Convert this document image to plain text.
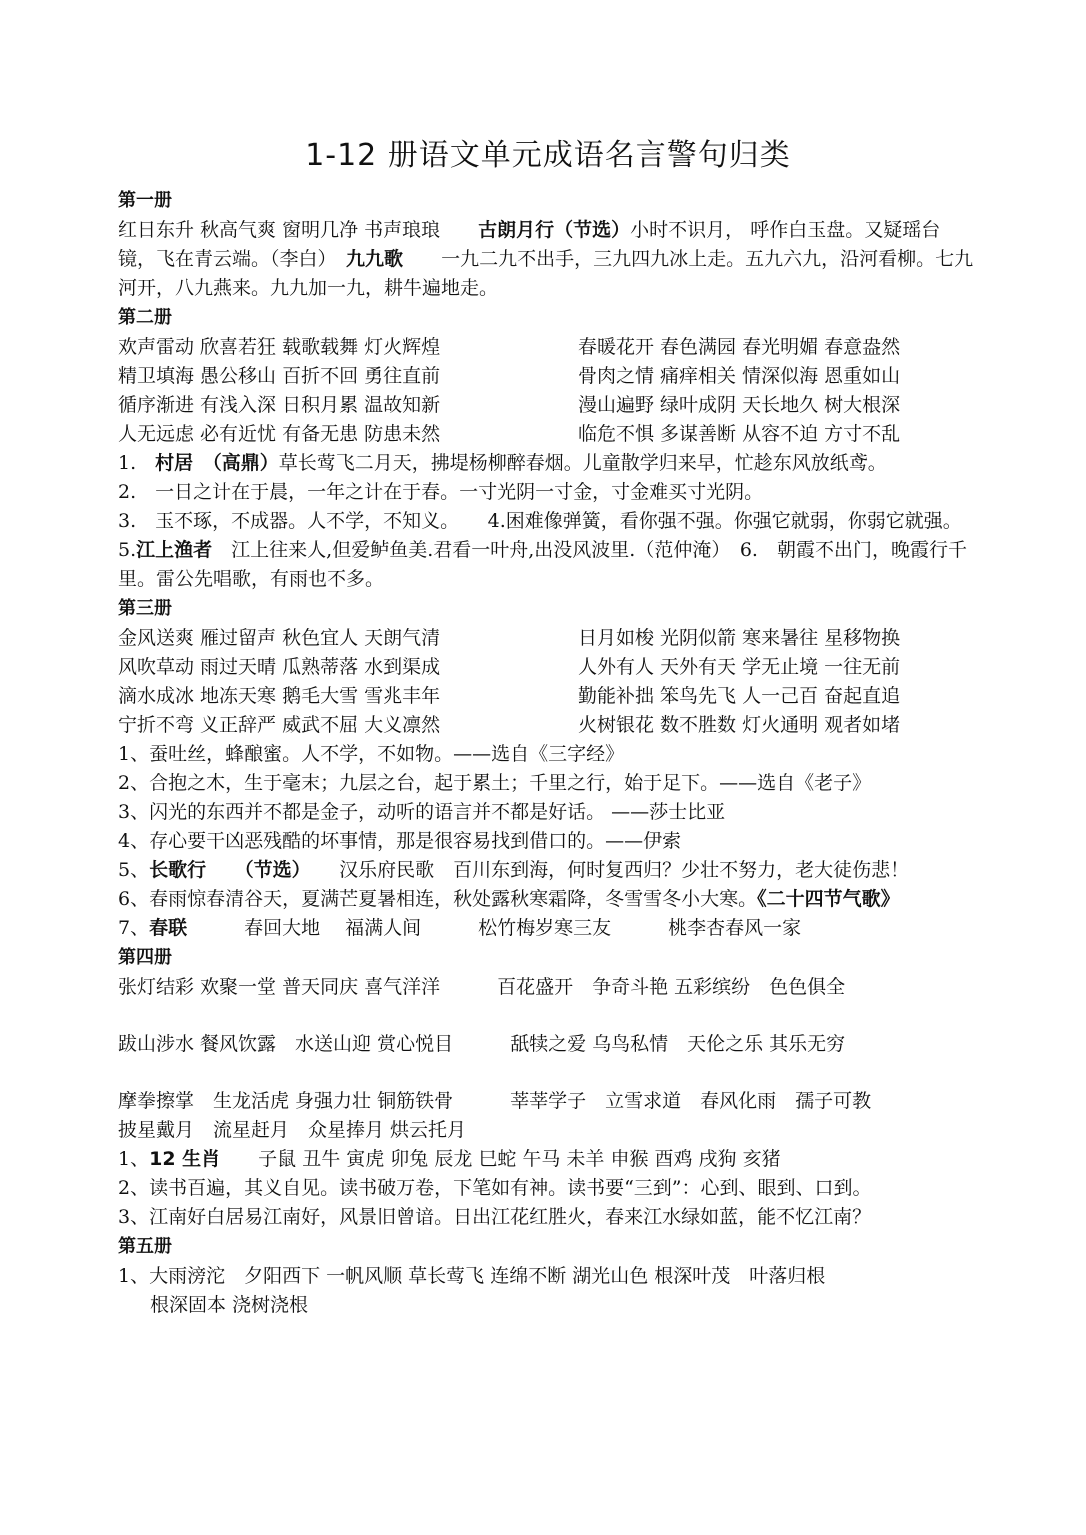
1-12 册语文单元成语名言警句归类
第一册

红日东升 秋高气爽 窗明几净 书声琅琅　　 古朗月行（节选）小时不识月， 呼作白玉盘。又疑瑶台镜，飞在青云端。（李白）　 九九歌　　 一九二九不出手，三九四九冰上走。五九六九，沿河看柳。七九河开，八九燕来。九九加一九，耕牛遍地走。

第二册
欢声雷动 欣喜若狂 载歌载舞 灯火辉煌	春暖花开 春色满园 春光明媚 春意盎然
精卫填海 愚公移山 百折不回 勇往直前	骨肉之情 痛痒相关 情深似海 恩重如山
循序渐进 有浅入深 日积月累 温故知新	漫山遍野 绿叶成阴 天长地久 树大根深
人无远虑 必有近忧 有备无患 防患未然	临危不惧 多谋善断 从容不迫 方寸不乱

1.　 村居　 （高鼎）草长莺飞二月天，拂堤杨柳醉春烟。儿童散学归来早，忙趁东风放纸鸢。

2.　一日之计在于晨，一年之计在于春。一寸光阴一寸金，寸金难买寸光阴。

3.　玉不琢，不成器。人不学，不知义。　　4.困难像弹簧，看你强不强。你强它就弱，你弱它就强。　　5.江上渔者　江上往来人,但爱鲈鱼美.君看一叶舟,出没风波里.（范仲淹）　6.　朝霞不出门，晚霞行千里。雷公先唱歌，有雨也不多。

第三册
金风送爽 雁过留声 秋色宜人 天朗气清	日月如梭 光阴似箭 寒来暑往 星移物换
风吹草动 雨过天晴 瓜熟蒂落 水到渠成	人外有人 天外有天 学无止境 一往无前
滴水成冰 地冻天寒 鹅毛大雪 雪兆丰年	勤能补拙 笨鸟先飞 人一己百 奋起直追
宁折不弯 义正辞严 威武不屈 大义凛然	火树银花 数不胜数 灯火通明 观者如堵

1、蚕吐丝，蜂酿蜜。人不学，不如物。——选自《三字经》

2、合抱之木，生于毫末；九层之台，起于累土；千里之行，始于足下。——选自《老子》

3、闪光的东西并不都是金子，动听的语言并不都是好话。 ——莎士比亚

4、存心要干凶恶残酷的坏事情，那是很容易找到借口的。——伊索

5、长歌行　　（节选）　　汉乐府民歌　百川东到海，何时复西归？少壮不努力，老大徒伤悲！

6、春雨惊春清谷天，夏满芒夏暑相连，秋处露秋寒霜降，冬雪雪冬小大寒。《二十四节气歌》

7、春联　　　春回大地　 福满人间　　　松竹梅岁寒三友　　　桃李杏春风一家

第四册

张灯结彩 欢聚一堂 普天同庆 喜气洋洋　　　百花盛开　争奇斗艳 五彩缤纷　色色俱全

跋山涉水 餐风饮露　水送山迎 赏心悦目　　　舐犊之爱 乌鸟私情　天伦之乐 其乐无穷

摩拳擦掌　生龙活虎 身强力壮 铜筋铁骨　　　莘莘学子　立雪求道　春风化雨　孺子可教

披星戴月　流星赶月　众星捧月 烘云托月

1、12 生肖　　子鼠 丑牛 寅虎 卯兔 辰龙 巳蛇 午马 未羊 申猴 酉鸡 戌狗 亥猪

2、读书百遍，其义自见。读书破万卷，下笔如有神。读书要“三到”：心到、眼到、口到。

3、江南好白居易江南好，风景旧曾谙。日出江花红胜火，春来江水绿如蓝，能不忆江南？

第五册

1、大雨滂沱　夕阳西下 一帆风顺 草长莺飞 连绵不断 湖光山色 根深叶茂　叶落归根

根深固本 浇树浇根
